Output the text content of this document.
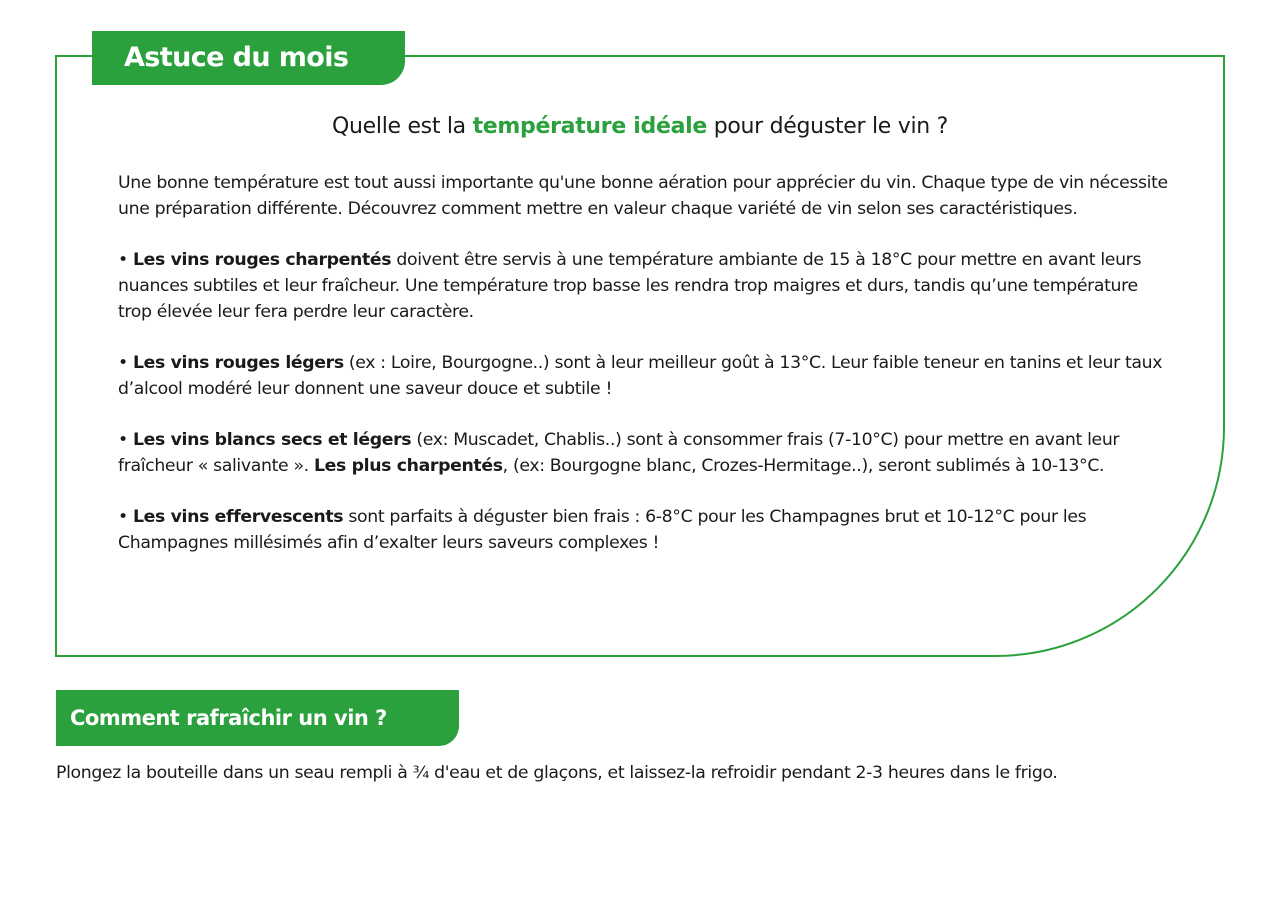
Astuce du mois
Quelle est la température idéale pour déguster le vin ?

Une bonne température est tout aussi importante qu'une bonne aération pour apprécier du vin. Chaque type de vin nécessite une préparation différente. Découvrez comment mettre en valeur chaque variété de vin selon ses caractéristiques.

• Les vins rouges charpentés doivent être servis à une température ambiante de 15 à 18°C pour mettre en avant leurs nuances subtiles et leur fraîcheur. Une température trop basse les rendra trop maigres et durs, tandis qu’une température trop élevée leur fera perdre leur caractère.

• Les vins rouges légers (ex : Loire, Bourgogne..) sont à leur meilleur goût à 13°C. Leur faible teneur en tanins et leur taux d’alcool modéré leur donnent une saveur douce et subtile !

• Les vins blancs secs et légers (ex: Muscadet, Chablis..) sont à consommer frais (7-10°C) pour mettre en avant leur fraîcheur « salivante ». Les plus charpentés, (ex: Bourgogne blanc, Crozes-Hermitage..), seront sublimés à 10-13°C.

• Les vins effervescents sont parfaits à déguster bien frais : 6-8°C pour les Champagnes brut et 10-12°C pour les Champagnes millésimés afin d’exalter leurs saveurs complexes !

Comment rafraîchir un vin ?
Plongez la bouteille dans un seau rempli à ¾ d'eau et de glaçons, et laissez-la refroidir pendant 2-3 heures dans le frigo.
